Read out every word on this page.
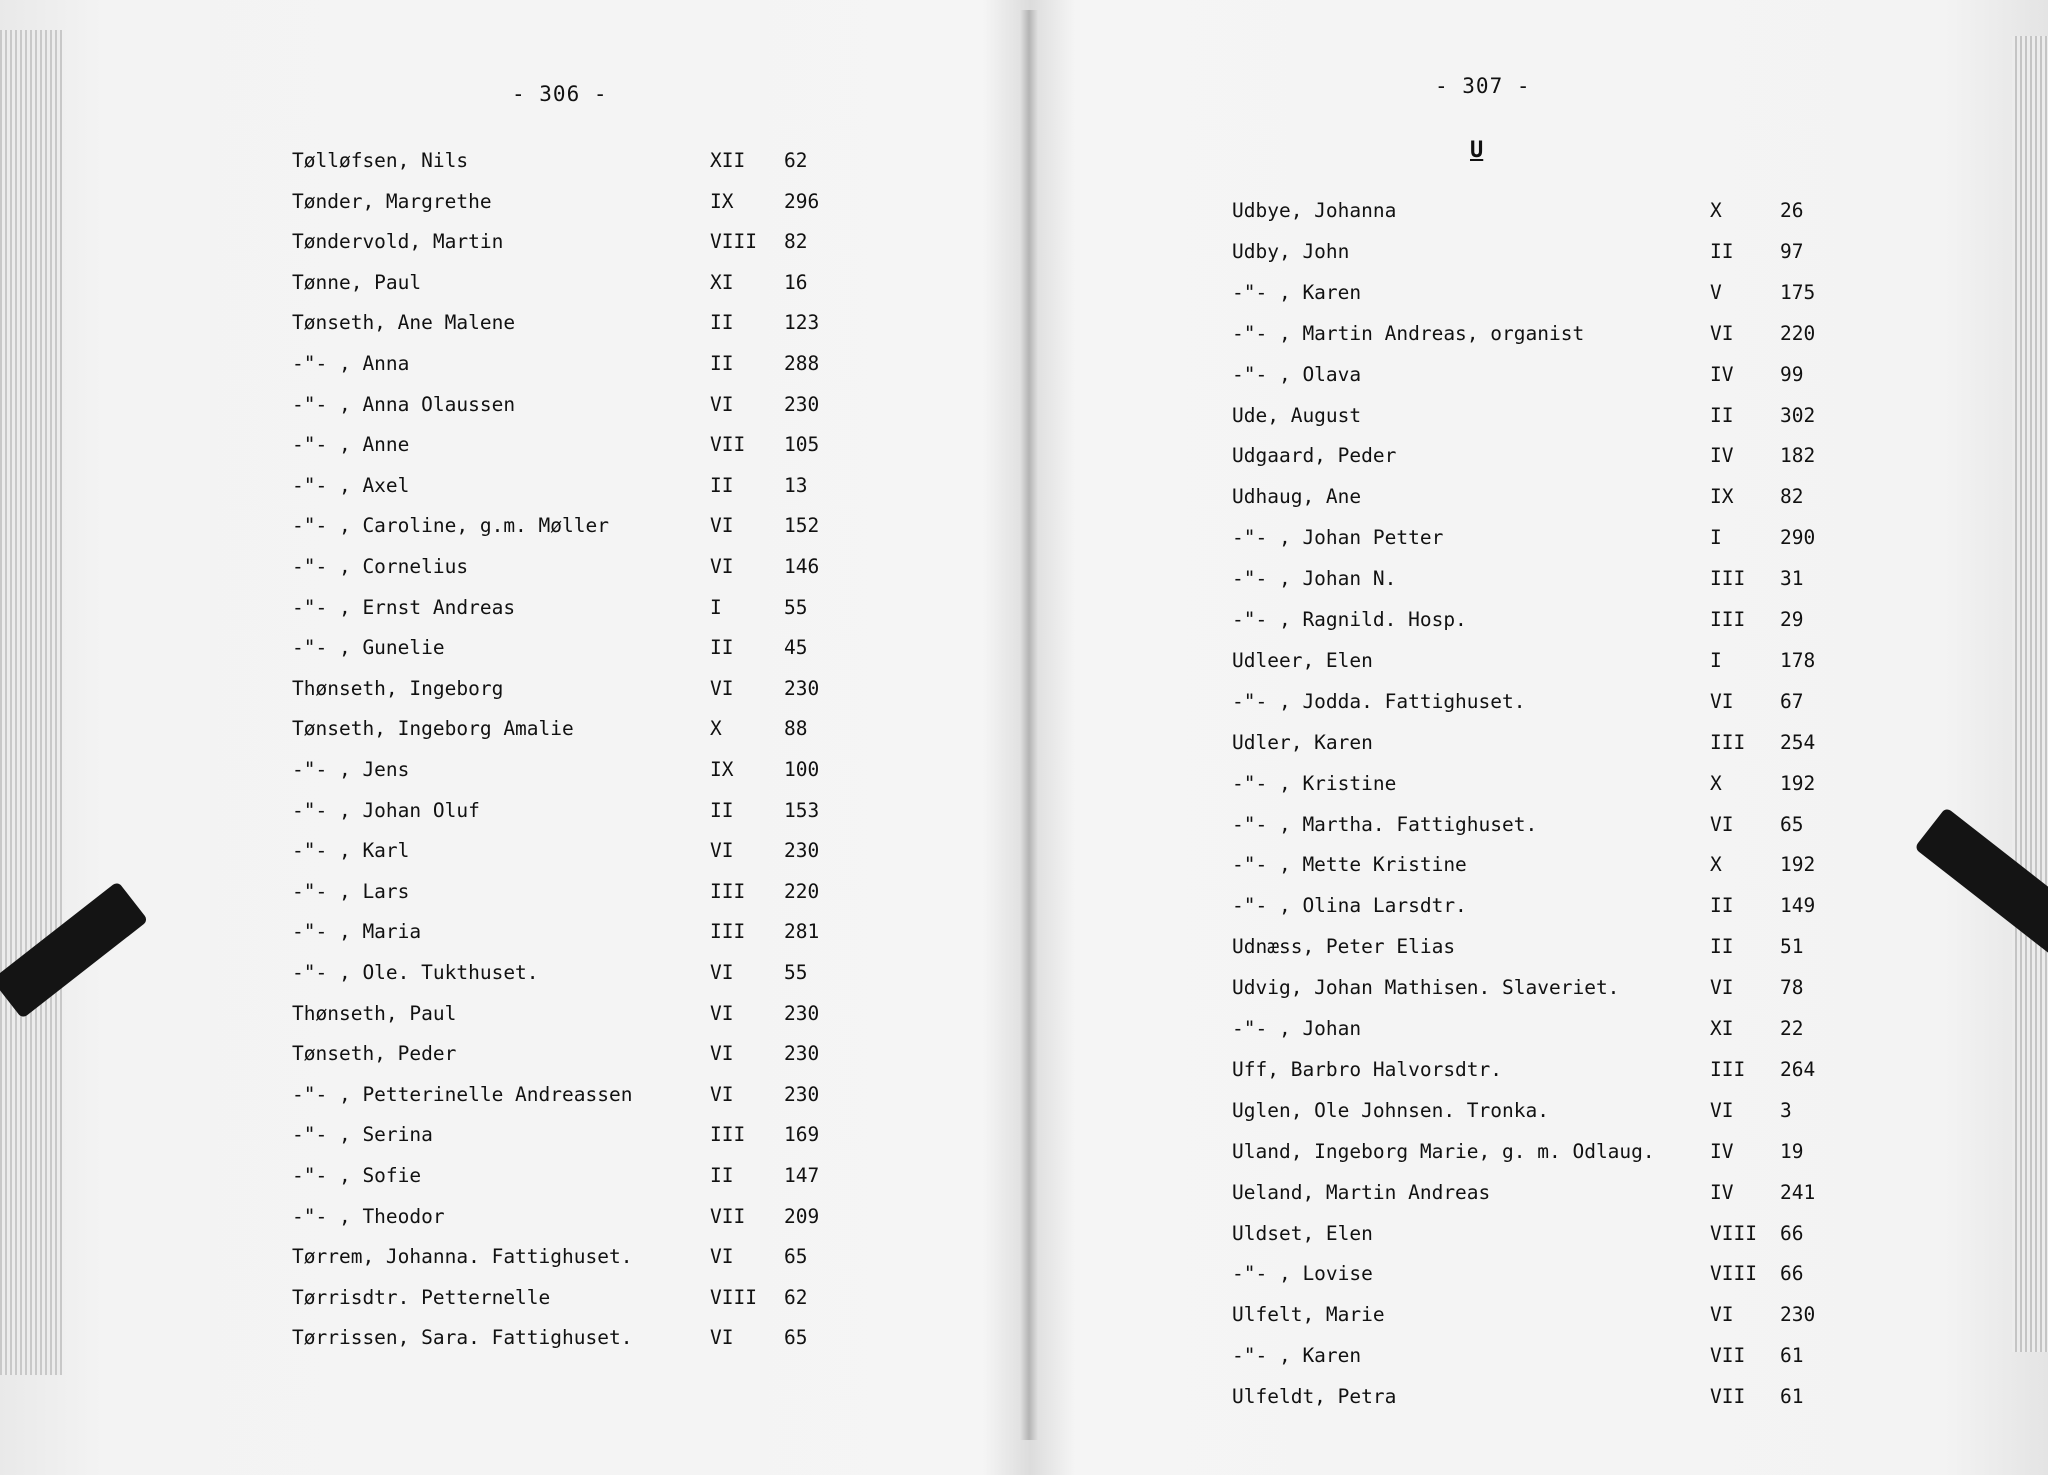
- 306 -	- 307 -
U
Tølløfsen, Nils	XII 62
Tønder, Margrethe	IX	296
Tøndervold, Martin	VIII 82
Tønne, Paul	XI	16
Tønseth, Ane Malene	II	123
-"- , Anna	II	288
-"- , Anna Olaussen	VI	230
-"- , Anne	VII 105
-"- , Axel	II	13
-"- , Caroline, g.m. Møller	VI	152
-"- , Cornelius	VI	146
-"- , Ernst Andreas	I	55
-"- , Gunelie	II	45
Thønseth, Ingeborg	VI	230
Tønseth, Ingeborg Amalie	X	88
-"- , Jens	IX	100
-"- , Johan Oluf	II	153
-"- , Karl	VI	230
-"- , Lars	III 220
-"- , Maria	III 281
-"- , Ole. Tukthuset.	VI	55
Thønseth, Paul	VI	230
Tønseth, Peder	VI	230
-"- , Petterinelle Andreassen	VI	230
-"- , Serina	III 169
-"- , Sofie	II	147
-"- , Theodor	VII 209
Tørrem, Johanna. Fattighuset.	VI	65
Tørrisdtr. Petternelle	VIII 62
Tørrissen, Sara. Fattighuset.	VI	65
Udbye, Johanna	X	26
Udby, John	II 97
-"- , Karen	V	175
-"- , Martin Andreas, organist	VI 220
-"- , Olava	IV 99
Ude, August	II 302
Udgaard, Peder	IV 182
Udhaug, Ane	IX 82
-"- , Johan Petter	I	290
-"- , Johan N.	III 31
-"- , Ragnild. Hosp.	III 29
Udleer, Elen	I	178
-"- , Jodda. Fattighuset.	VI 67
Udler, Karen	III 254
-"- , Kristine	X	192
-"- , Martha. Fattighuset.	VI 65
-"- , Mette Kristine	X	192
-"- , Olina Larsdtr.	II 149
Udnæss, Peter Elias	II 51
Udvig, Johan Mathisen. Slaveriet.	VI 78
-"- , Johan	XI 22
Uff, Barbro Halvorsdtr.	III 264
Uglen, Ole Johnsen. Tronka.	VI 3
Uland, Ingeborg Marie, g. m. Odlaug.	IV 19
Ueland, Martin Andreas	IV 241
Uldset, Elen	VIII 66
-"- , Lovise	VIII 66
Ulfelt, Marie	VI 230
-"- , Karen	VII 61
Ulfeldt, Petra	VII 61
